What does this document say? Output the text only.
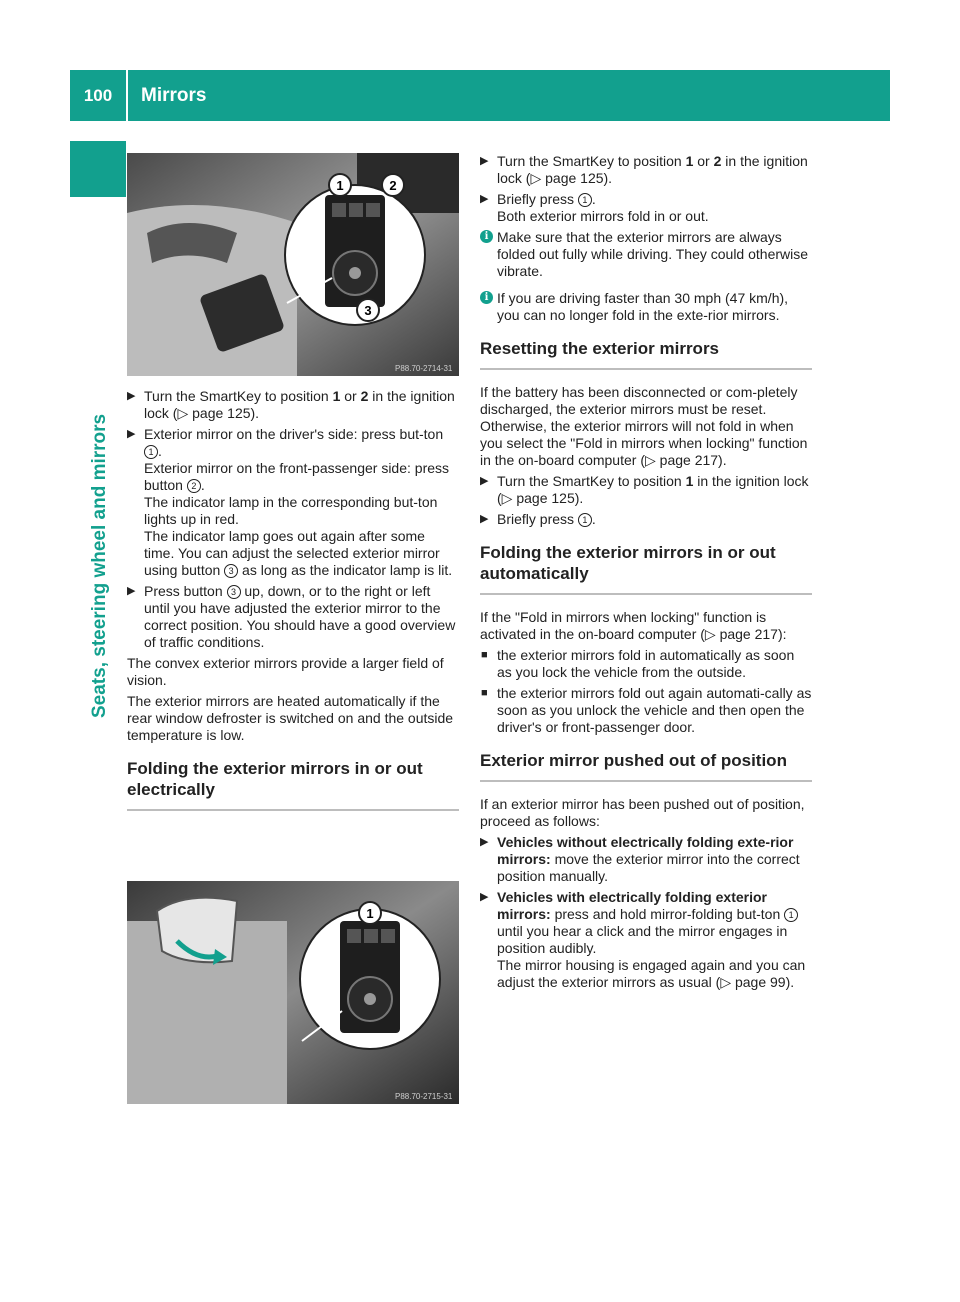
100	Mirrors
Seats, steering wheel and mirrors
1	2
3
P88.70-2714-31
1
P88.70-2715-31
▶ Turn the SmartKey to position 1 or 2 in the ignition lock (▷ page 125).
▶ Exterior mirror on the driver's side: press but-ton 1 .
Exterior mirror on the front-passenger side: press button 2 .
The indicator lamp in the corresponding but-ton lights up in red.
The indicator lamp goes out again after some time. You can adjust the selected exterior mirror using button 3 as long as the indicator lamp is lit.
▶ Press button 3 up, down, or to the right or left until you have adjusted the exterior mirror to the correct position. You should have a good overview of traffic conditions.

The convex exterior mirrors provide a larger field of vision.

The exterior mirrors are heated automatically if the rear window defroster is switched on and the outside temperature is low.

Folding the exterior mirrors in or out electrically
▶ Turn the SmartKey to position 1 or 2 in the ignition lock (▷ page 125).
▶ Briefly press 1 .
Both exterior mirrors fold in or out.
i Make sure that the exterior mirrors are always folded out fully while driving. They could otherwise vibrate.
i If you are driving faster than 30 mph (47 km/h), you can no longer fold in the exte-rior mirrors.
Resetting the exterior mirrors

If the battery has been disconnected or com-pletely discharged, the exterior mirrors must be reset. Otherwise, the exterior mirrors will not fold in when you select the "Fold in mirrors when locking" function in the on-board computer (▷ page 217).

▶ Turn the SmartKey to position 1 in the ignition lock (▷ page 125).
▶ Briefly press 1 .
Folding the exterior mirrors in or out automatically

If the "Fold in mirrors when locking" function is activated in the on-board computer (▷ page 217):

■ the exterior mirrors fold in automatically as soon as you lock the vehicle from the outside.
■ the exterior mirrors fold out again automati-cally as soon as you unlock the vehicle and then open the driver's or front-passenger door.
Exterior mirror pushed out of position

If an exterior mirror has been pushed out of position, proceed as follows:

▶ Vehicles without electrically folding exte-rior mirrors: move the exterior mirror into the correct position manually.
▶ Vehicles with electrically folding exterior mirrors: press and hold mirror-folding but-ton 1 until you hear a click and the mirror engages in position audibly.
The mirror housing is engaged again and you can adjust the exterior mirrors as usual (▷ page 99).
